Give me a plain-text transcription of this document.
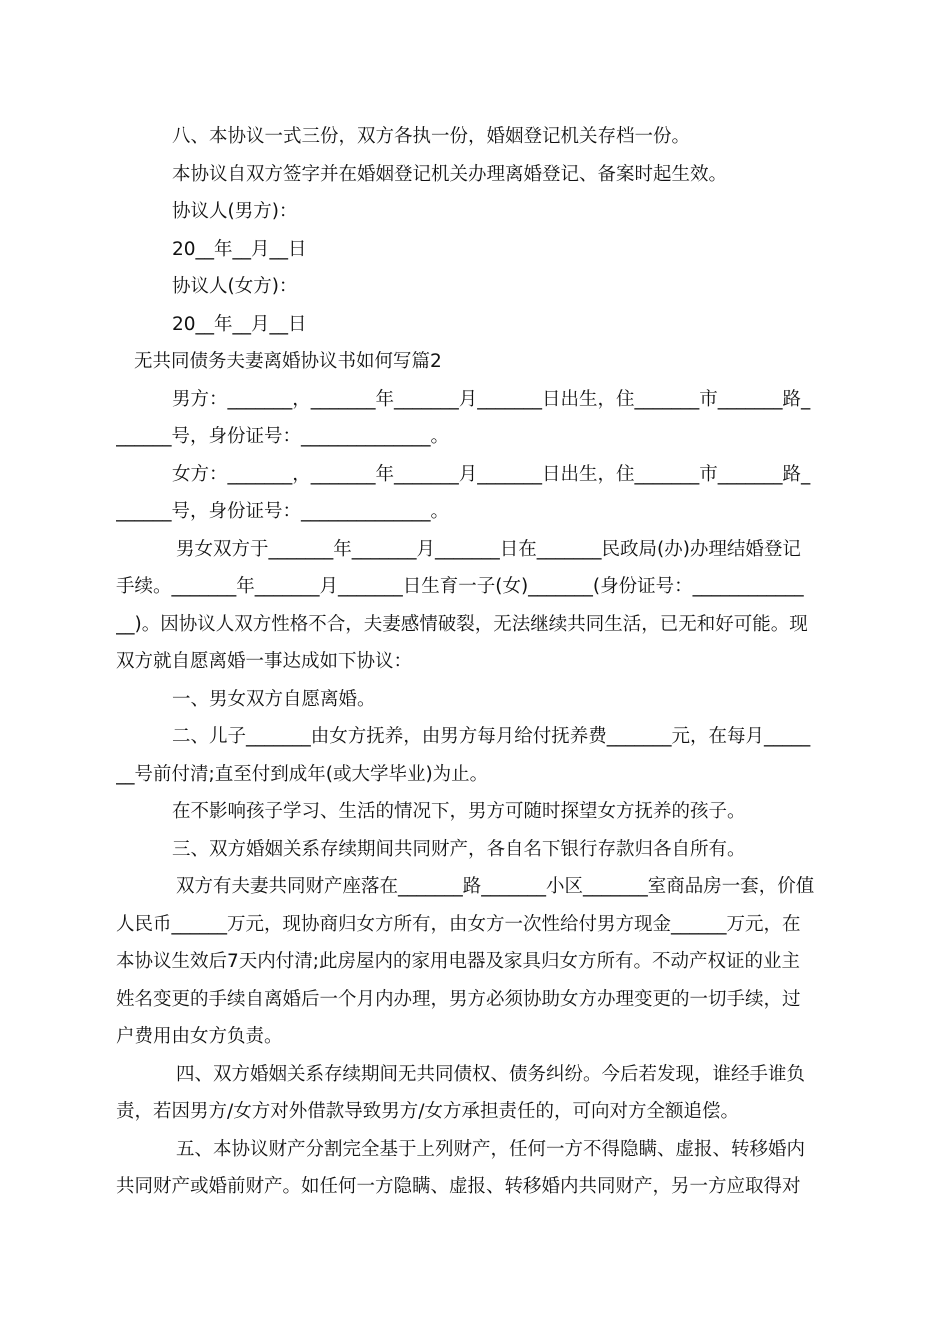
八、本协议一式三份，双方各执一份，婚姻登记机关存档一份。
本协议自双方签字并在婚姻登记机关办理离婚登记、备案时起生效。
协议人(男方)：
20__年__月__日
协议人(女方)：
20__年__月__日
无共同债务夫妻离婚协议书如何写篇2
男方：_______，_______年_______月_______日出生，住_______市_______路_
______号，身份证号：______________。
女方：_______，_______年_______月_______日出生，住_______市_______路_
______号，身份证号：______________。
男女双方于_______年_______月_______日在_______民政局(办)办理结婚登记
手续。_______年_______月_______日生育一子(女)_______(身份证号：____________
__)。因协议人双方性格不合，夫妻感情破裂，无法继续共同生活，已无和好可能。现
双方就自愿离婚一事达成如下协议：
一、男女双方自愿离婚。
二、儿子_______由女方抚养，由男方每月给付抚养费_______元，在每月_____
__号前付清;直至付到成年(或大学毕业)为止。
在不影响孩子学习、生活的情况下，男方可随时探望女方抚养的孩子。
三、双方婚姻关系存续期间共同财产，各自名下银行存款归各自所有。
双方有夫妻共同财产座落在_______路_______小区_______室商品房一套，价值
人民币______万元，现协商归女方所有，由女方一次性给付男方现金______万元，在
本协议生效后7天内付清;此房屋内的家用电器及家具归女方所有。不动产权证的业主
姓名变更的手续自离婚后一个月内办理，男方必须协助女方办理变更的一切手续，过
户费用由女方负责。
四、双方婚姻关系存续期间无共同债权、债务纠纷。今后若发现，谁经手谁负
责，若因男方/女方对外借款导致男方/女方承担责任的，可向对方全额追偿。
五、本协议财产分割完全基于上列财产，任何一方不得隐瞒、虚报、转移婚内
共同财产或婚前财产。如任何一方隐瞒、虚报、转移婚内共同财产，另一方应取得对
